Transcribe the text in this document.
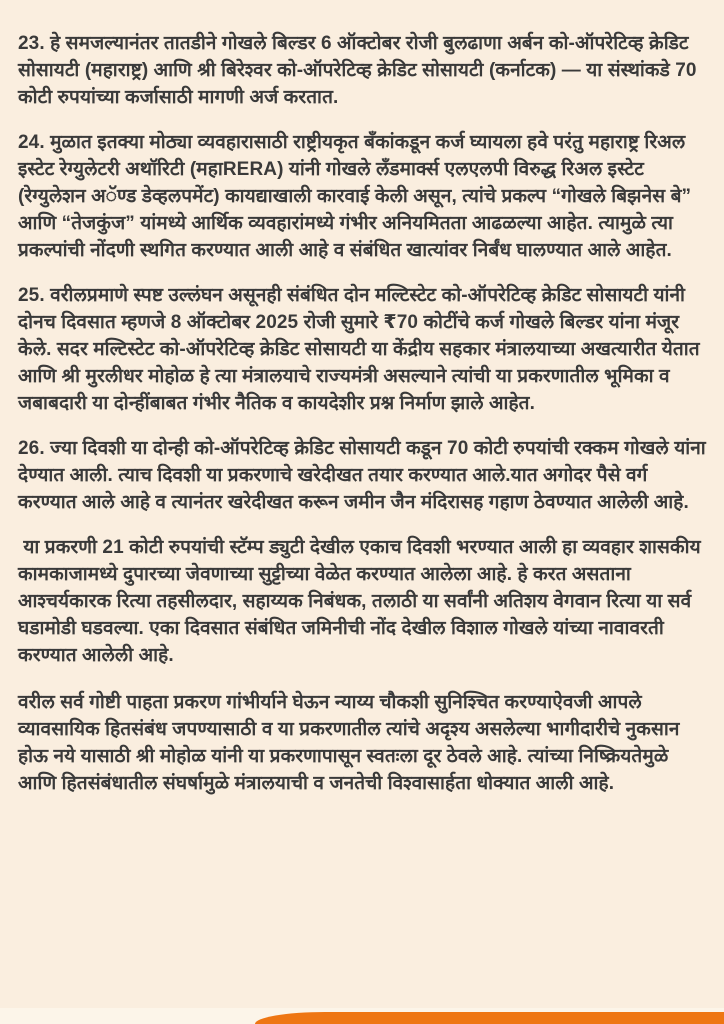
23. हे समजल्यानंतर तातडीने गोखले बिल्डर 6 ऑक्टोबर रोजी बुलढाणा अर्बन को-ऑपरेटिव्ह क्रेडिट सोसायटी (महाराष्ट्र) आणि श्री बिरेश्वर को-ऑपरेटिव्ह क्रेडिट सोसायटी (कर्नाटक) — या संस्थांकडे 70 कोटी रुपयांच्या कर्जासाठी मागणी अर्ज करतात.

24. मुळात इतक्या मोठ्या व्यवहारासाठी राष्ट्रीयकृत बँकांकडून कर्ज घ्यायला हवे परंतु महाराष्ट्र रिअल इस्टेट रेग्युलेटरी अथॉरिटी (महाRERA) यांनी गोखले लँडमार्क्स एलएलपी विरुद्ध रिअल इस्टेट (रेग्युलेशन अॅण्ड डेव्हलपमेंट) कायद्याखाली कारवाई केली असून, त्यांचे प्रकल्प “गोखले बिझनेस बे” आणि “तेजकुंज” यांमध्ये आर्थिक व्यवहारांमध्ये गंभीर अनियमितता आढळल्या आहेत. त्यामुळे त्या प्रकल्पांची नोंदणी स्थगित करण्यात आली आहे व संबंधित खात्यांवर निर्बंध घालण्यात आले आहेत.

25. वरीलप्रमाणे स्पष्ट उल्लंघन असूनही संबंधित दोन मल्टिस्टेट को-ऑपरेटिव्ह क्रेडिट सोसायटी यांनी दोनच दिवसात म्हणजे 8 ऑक्टोबर 2025 रोजी सुमारे ₹70 कोटींचे कर्ज गोखले बिल्डर यांना मंजूर केले. सदर मल्टिस्टेट को-ऑपरेटिव्ह क्रेडिट सोसायटी या केंद्रीय सहकार मंत्रालयाच्या अखत्यारीत येतात आणि श्री मुरलीधर मोहोळ हे त्या मंत्रालयाचे राज्यमंत्री असल्याने त्यांची या प्रकरणातील भूमिका व जबाबदारी या दोन्हींबाबत गंभीर नैतिक व कायदेशीर प्रश्न निर्माण झाले आहेत.

26. ज्या दिवशी या दोन्ही को-ऑपरेटिव्ह क्रेडिट सोसायटी कडून 70 कोटी रुपयांची रक्कम गोखले यांना देण्यात आली. त्याच दिवशी या प्रकरणाचे खरेदीखत तयार करण्यात आले.यात अगोदर पैसे वर्ग करण्यात आले आहे व त्यानंतर खरेदीखत करून जमीन जैन मंदिरासह गहाण ठेवण्यात आलेली आहे.

या प्रकरणी 21 कोटी रुपयांची स्टॅम्प ड्युटी देखील एकाच दिवशी भरण्यात आली हा व्यवहार शासकीय कामकाजामध्ये दुपारच्या जेवणाच्या सुट्टीच्या वेळेत करण्यात आलेला आहे. हे करत असताना आश्चर्यकारक रित्या तहसीलदार, सहाय्यक निबंधक, तलाठी या सर्वांनी अतिशय वेगवान रित्या या सर्व घडामोडी घडवल्या. एका दिवसात संबंधित जमिनीची नोंद देखील विशाल गोखले यांच्या नावावरती करण्यात आलेली आहे.

वरील सर्व गोष्टी पाहता प्रकरण गांभीर्याने घेऊन न्याय्य चौकशी सुनिश्चित करण्याऐवजी आपले व्यावसायिक हितसंबंध जपण्यासाठी व या प्रकरणातील त्यांचे अदृश्य असलेल्या भागीदारीचे नुकसान होऊ नये यासाठी श्री मोहोळ यांनी या प्रकरणापासून स्वतःला दूर ठेवले आहे. त्यांच्या निष्क्रियतेमुळे आणि हितसंबंधातील संघर्षामुळे मंत्रालयाची व जनतेची विश्वासार्हता धोक्यात आली आहे.
